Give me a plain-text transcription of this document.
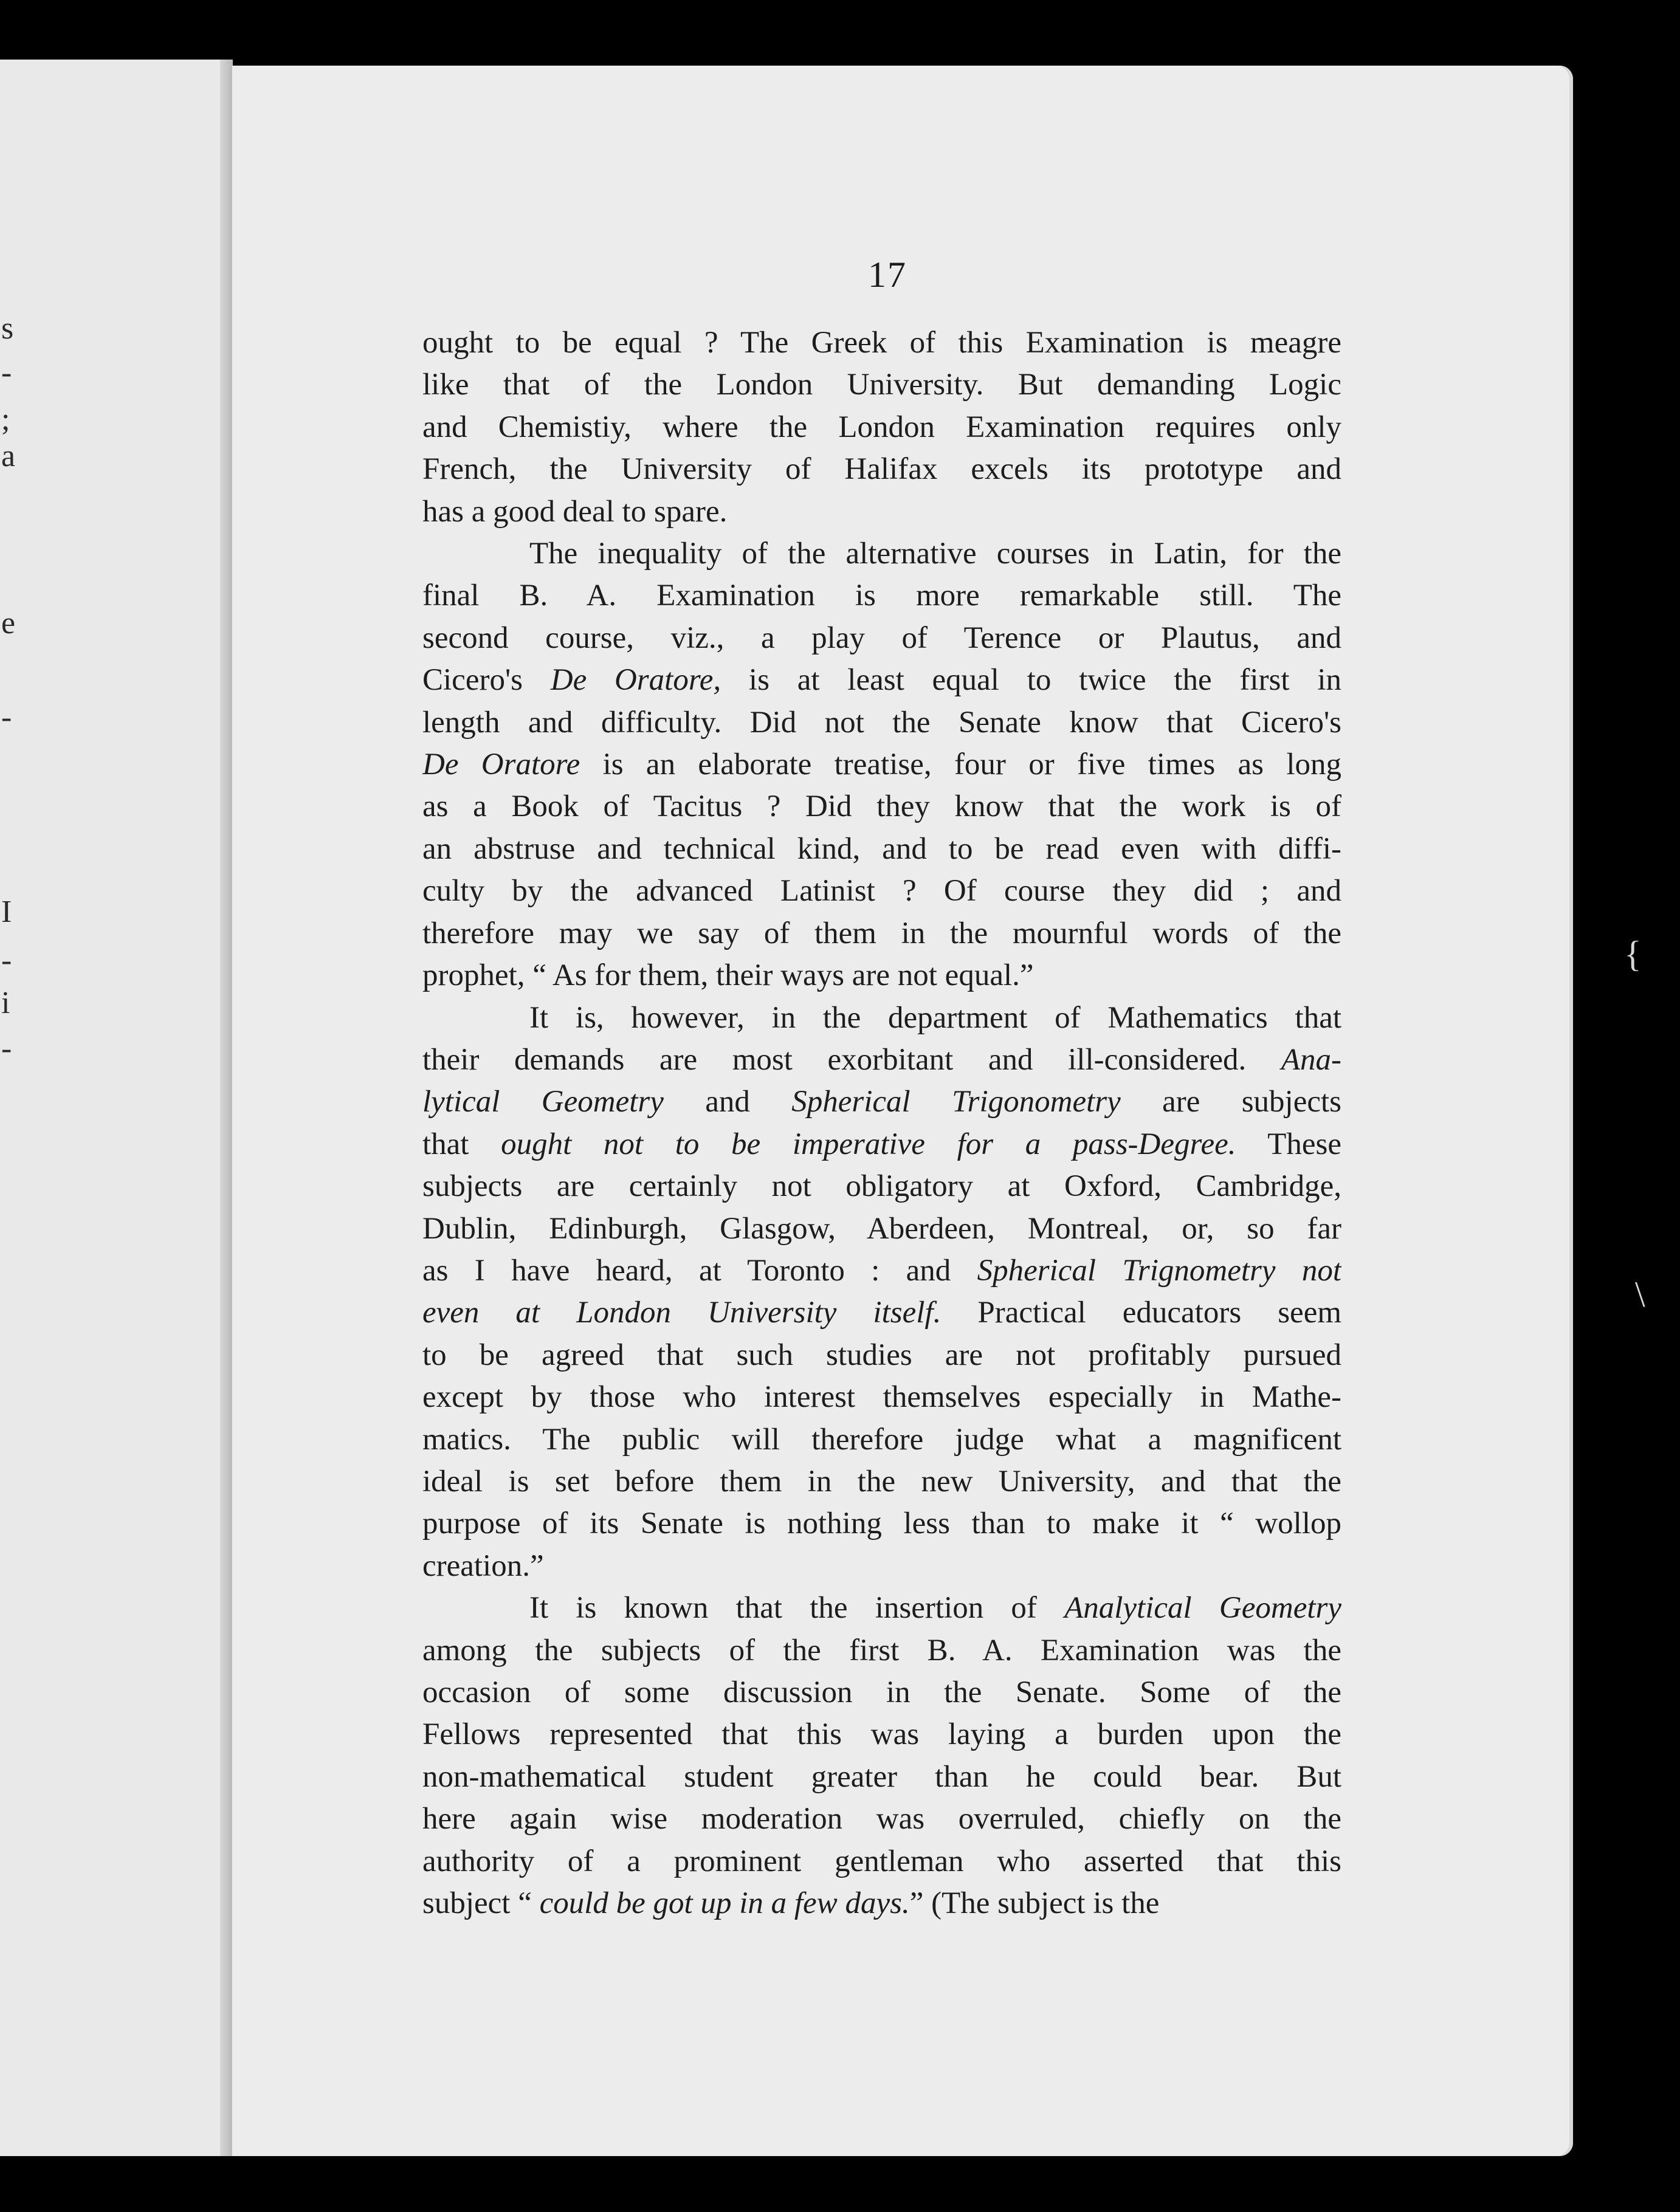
s
-
;
a
e
-
I
-
i
-
17
ought to be equal ? The Greek of this Examination is meagre
like that of the London University. But demanding Logic
and Chemistiy, where the London Examination requires only
French, the University of Halifax excels its prototype and
has a good deal to spare.
The inequality of the alternative courses in Latin, for the
final B. A. Examination is more remarkable still. The
second course, viz., a play of Terence or Plautus, and
Cicero's De Oratore, is at least equal to twice the first in
length and difficulty. Did not the Senate know that Cicero's
De Oratore is an elaborate treatise, four or five times as long
as a Book of Tacitus ? Did they know that the work is of
an abstruse and technical kind, and to be read even with diffi-
culty by the advanced Latinist ? Of course they did ; and
therefore may we say of them in the mournful words of the
prophet, “ As for them, their ways are not equal.”
It is, however, in the department of Mathematics that
their demands are most exorbitant and ill-considered. Ana-
lytical Geometry and Spherical Trigonometry are subjects
that ought not to be imperative for a pass-Degree. These
subjects are certainly not obligatory at Oxford, Cambridge,
Dublin, Edinburgh, Glasgow, Aberdeen, Montreal, or, so far
as I have heard, at Toronto : and Spherical Trignometry not
even at London University itself. Practical educators seem
to be agreed that such studies are not profitably pursued
except by those who interest themselves especially in Mathe-
matics. The public will therefore judge what a magnificent
ideal is set before them in the new University, and that the
purpose of its Senate is nothing less than to make it “ wollop
creation.”
It is known that the insertion of Analytical Geometry
among the subjects of the first B. A. Examination was the
occasion of some discussion in the Senate. Some of the
Fellows represented that this was laying a burden upon the
non-mathematical student greater than he could bear. But
here again wise moderation was overruled, chiefly on the
authority of a prominent gentleman who asserted that this
subject “ could be got up in a few days.” (The subject is the
{
\
